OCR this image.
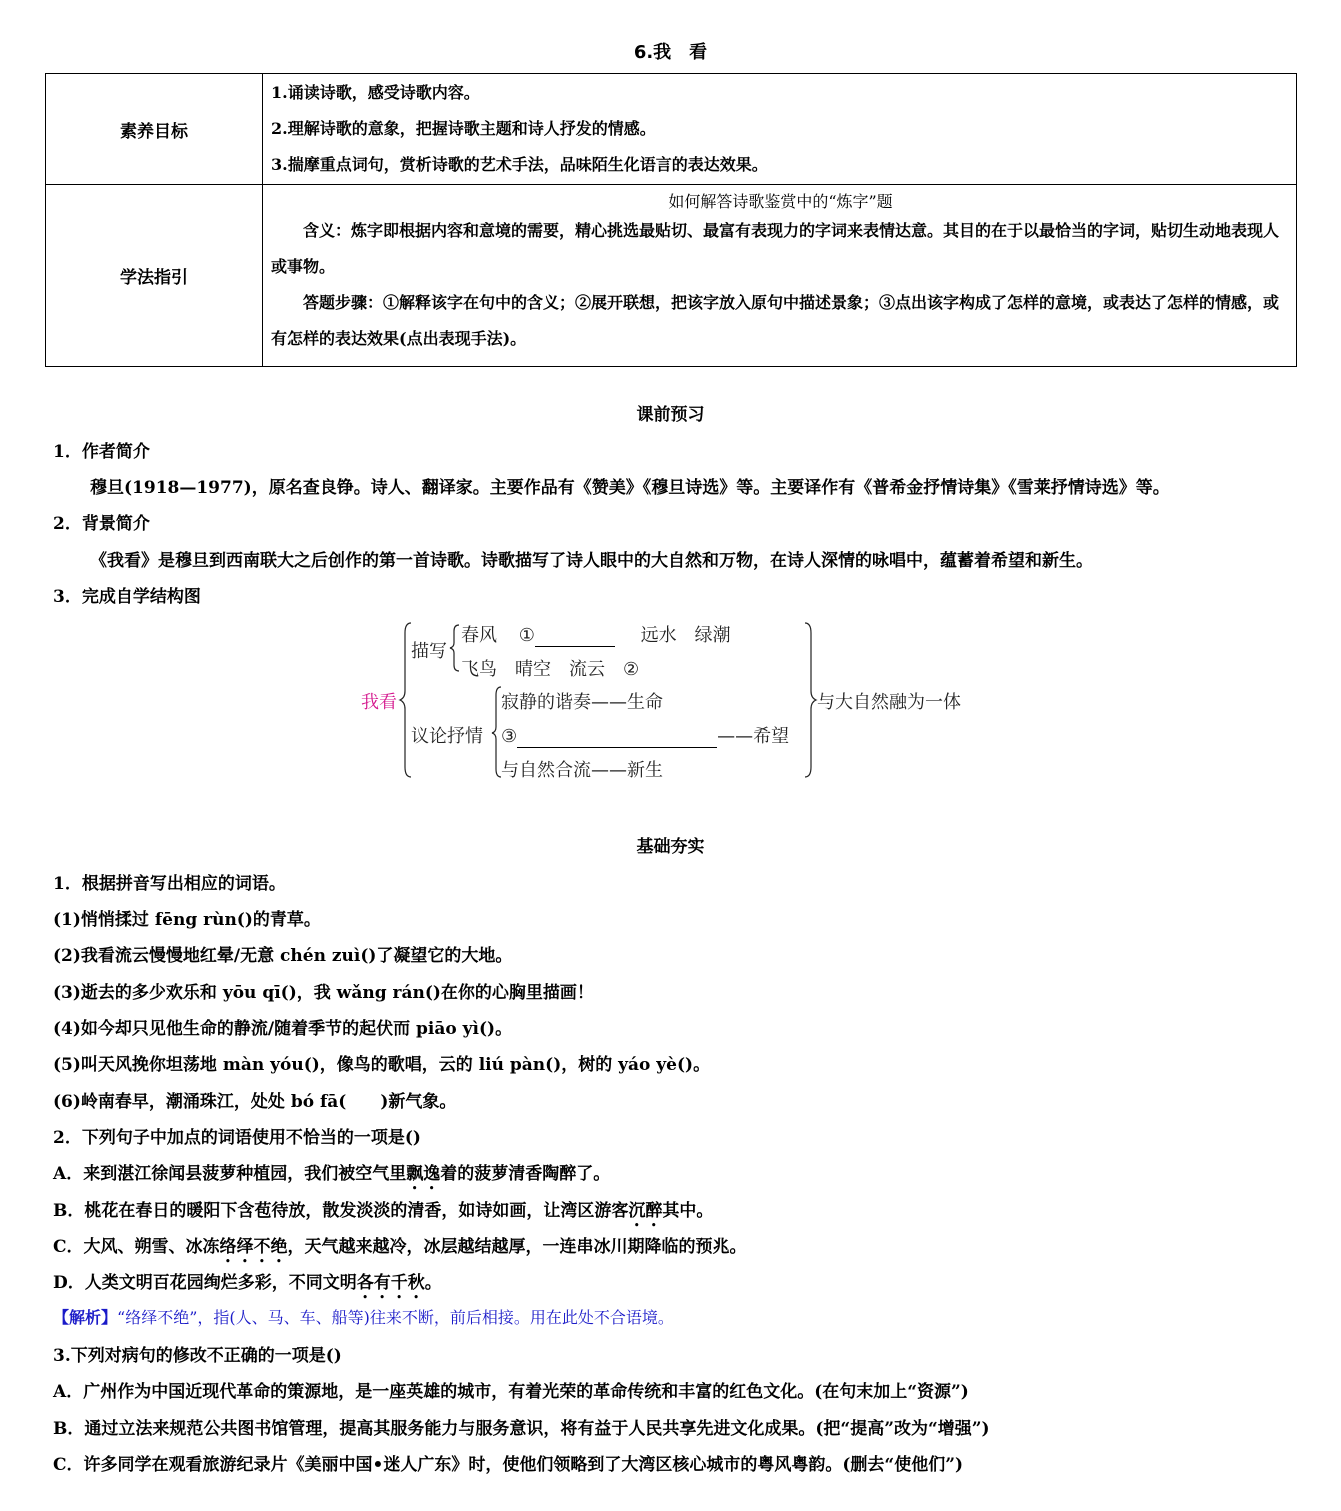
6.我　看
素养目标	1.诵读诗歌，感受诗歌内容。
2.理解诗歌的意象，把握诗歌主题和诗人抒发的情感。
3.揣摩重点词句，赏析诗歌的艺术手法，品味陌生化语言的表达效果。

学法指引	如何解答诗歌鉴赏中的“炼字”题
含义：炼字即根据内容和意境的需要，精心挑选最贴切、最富有表现力的字词来表情达意。其目的在于以最恰当的字词，贴切生动地表现人或事物。
答题步骤：①解释该字在句中的含义；②展开联想，把该字放入原句中描述景象；③点出该字构成了怎样的意境，或表达了怎样的情感，或有怎样的表达效果(点出表现手法)。
课前预习
1．作者简介
穆旦(1918—1977)，原名查良铮。诗人、翻译家。主要作品有《赞美》《穆旦诗选》等。主要译作有《普希金抒情诗集》《雪莱抒情诗选》等。
2．背景简介
《我看》是穆旦到西南联大之后创作的第一首诗歌。诗歌描写了诗人眼中的大自然和万物，在诗人深情的咏唱中，蕴蓄着希望和新生。
3．完成自学结构图
我看
描写
春风 ①	远水　绿潮
飞鸟　晴空　流云　②
议论抒情
寂静的谐奏——生命
③	——希望
与自然合流——新生
与大自然融为一体
基础夯实
1．根据拼音写出相应的词语。
(1)悄悄揉过 fēng rùn()的青草。
(2)我看流云慢慢地红晕/无意 chén zuì()了凝望它的大地。
(3)逝去的多少欢乐和 yōu qī()，我 wǎng rán()在你的心胸里描画！
(4)如今却只见他生命的静流/随着季节的起伏而 piāo yì()。
(5)叫天风挽你坦荡地 màn yóu()，像鸟的歌唱，云的 liú pàn()，树的 yáo yè()。
(6)岭南春早，潮涌珠江，处处 bó fā(　　)新气象。
2．下列句子中加点的词语使用不恰当的一项是()
A．来到湛江徐闻县菠萝种植园，我们被空气里飘逸着的菠萝清香陶醉了。
B．桃花在春日的暖阳下含苞待放，散发淡淡的清香，如诗如画，让湾区游客沉醉其中。
C．大风、朔雪、冰冻络绎不绝，天气越来越冷，冰层越结越厚，一连串冰川期降临的预兆。
D．人类文明百花园绚烂多彩，不同文明各有千秋。
【解析】“络绎不绝”，指(人、马、车、船等)往来不断，前后相接。用在此处不合语境。
3.下列对病句的修改不正确的一项是()
A．广州作为中国近现代革命的策源地，是一座英雄的城市，有着光荣的革命传统和丰富的红色文化。(在句末加上“资源”)
B．通过立法来规范公共图书馆管理，提高其服务能力与服务意识，将有益于人民共享先进文化成果。(把“提高”改为“增强”)
C．许多同学在观看旅游纪录片《美丽中国•迷人广东》时，使他们领略到了大湾区核心城市的粤风粤韵。(删去“使他们”)
